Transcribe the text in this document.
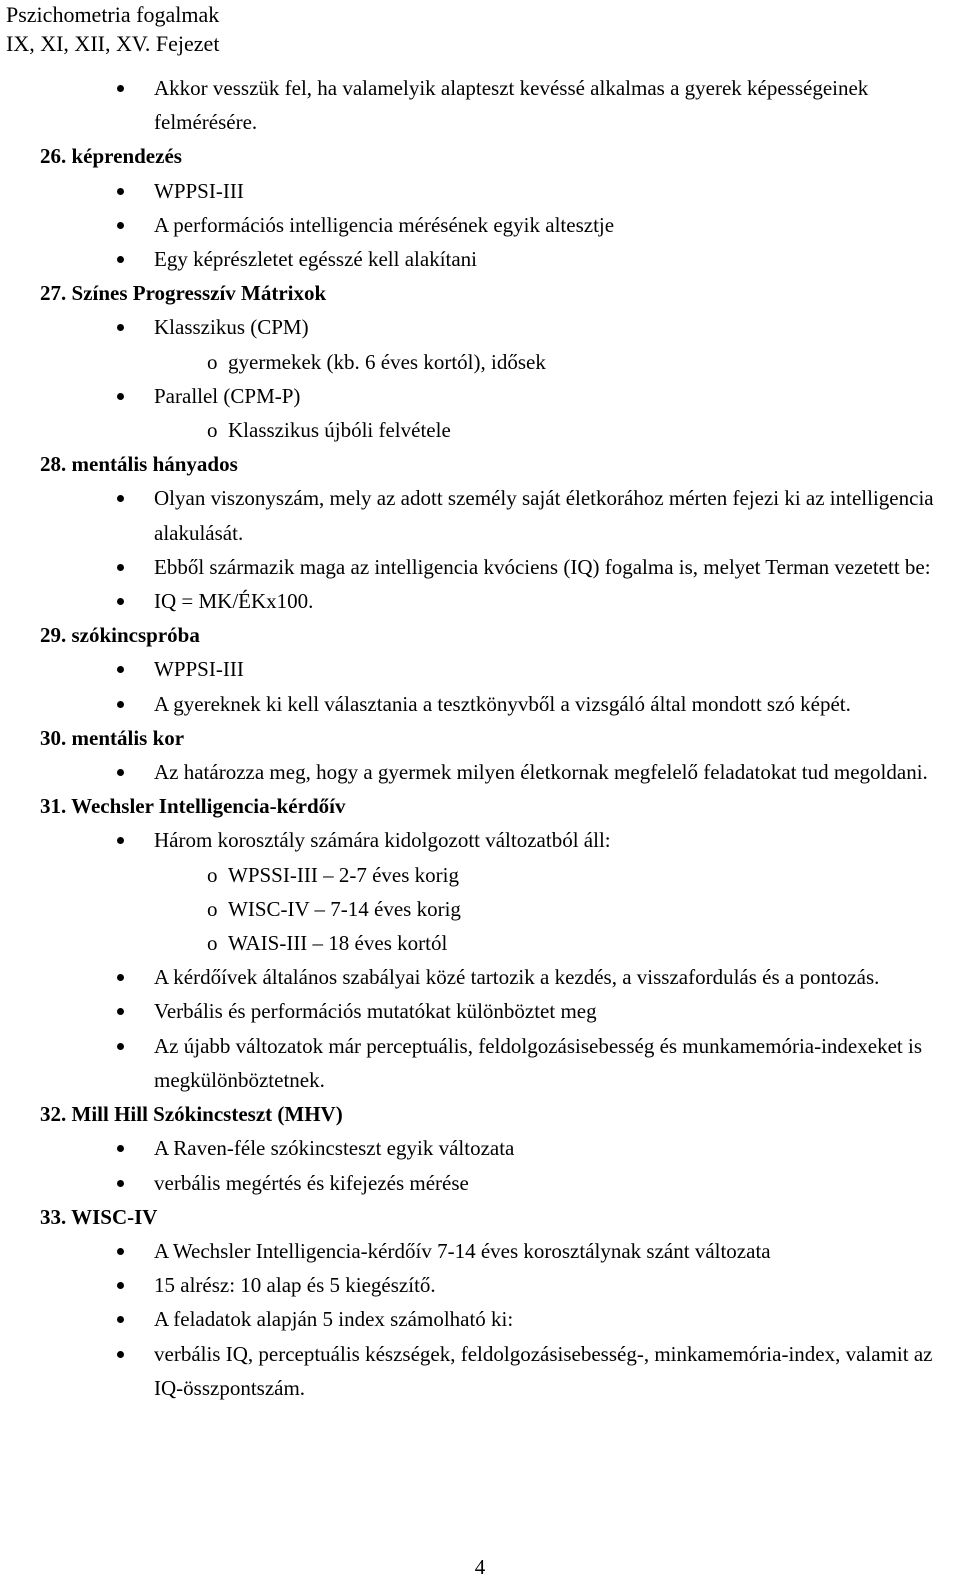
Pszichometria fogalmak
IX, XI, XII, XV. Fejezet
Akkor vesszük fel, ha valamelyik alapteszt kevéssé alkalmas a gyerek képességeinek felmérésére.
26. képrendezés
WPPSI-III
A performációs intelligencia mérésének egyik altesztje
Egy képrészletet egésszé kell alakítani
27. Színes Progresszív Mátrixok
Klasszikus (CPM)
o gyermekek (kb. 6 éves kortól), idősek
Parallel (CPM-P)
o Klasszikus újbóli felvétele
28. mentális hányados
Olyan viszonyszám, mely az adott személy saját életkorához mérten fejezi ki az intelligencia alakulását.
Ebből származik maga az intelligencia kvóciens (IQ) fogalma is, melyet Terman vezetett be:
IQ = MK/ÉKx100.
29. szókincspróba
WPPSI-III
A gyereknek ki kell választania a tesztkönyvből a vizsgáló által mondott szó képét.
30. mentális kor
Az határozza meg, hogy a gyermek milyen életkornak megfelelő feladatokat tud megoldani.
31. Wechsler Intelligencia-kérdőív
Három korosztály számára kidolgozott változatból áll:
o WPSSI-III – 2-7 éves korig
o WISC-IV – 7-14 éves korig
o WAIS-III – 18 éves kortól
A kérdőívek általános szabályai közé tartozik a kezdés, a visszafordulás és a pontozás.
Verbális és performációs mutatókat különböztet meg
Az újabb változatok már perceptuális, feldolgozásisebesség és munkamemória-indexeket is megkülönböztetnek.
32. Mill Hill Szókincsteszt (MHV)
A Raven-féle szókincsteszt egyik változata
verbális megértés és kifejezés mérése
33. WISC-IV
A Wechsler Intelligencia-kérdőív 7-14 éves korosztálynak szánt változata
15 alrész: 10 alap és 5 kiegészítő.
A feladatok alapján 5 index számolható ki:
verbális IQ, perceptuális készségek, feldolgozásisebesség-, minkamemória-index, valamit az IQ-összpontszám.
4
